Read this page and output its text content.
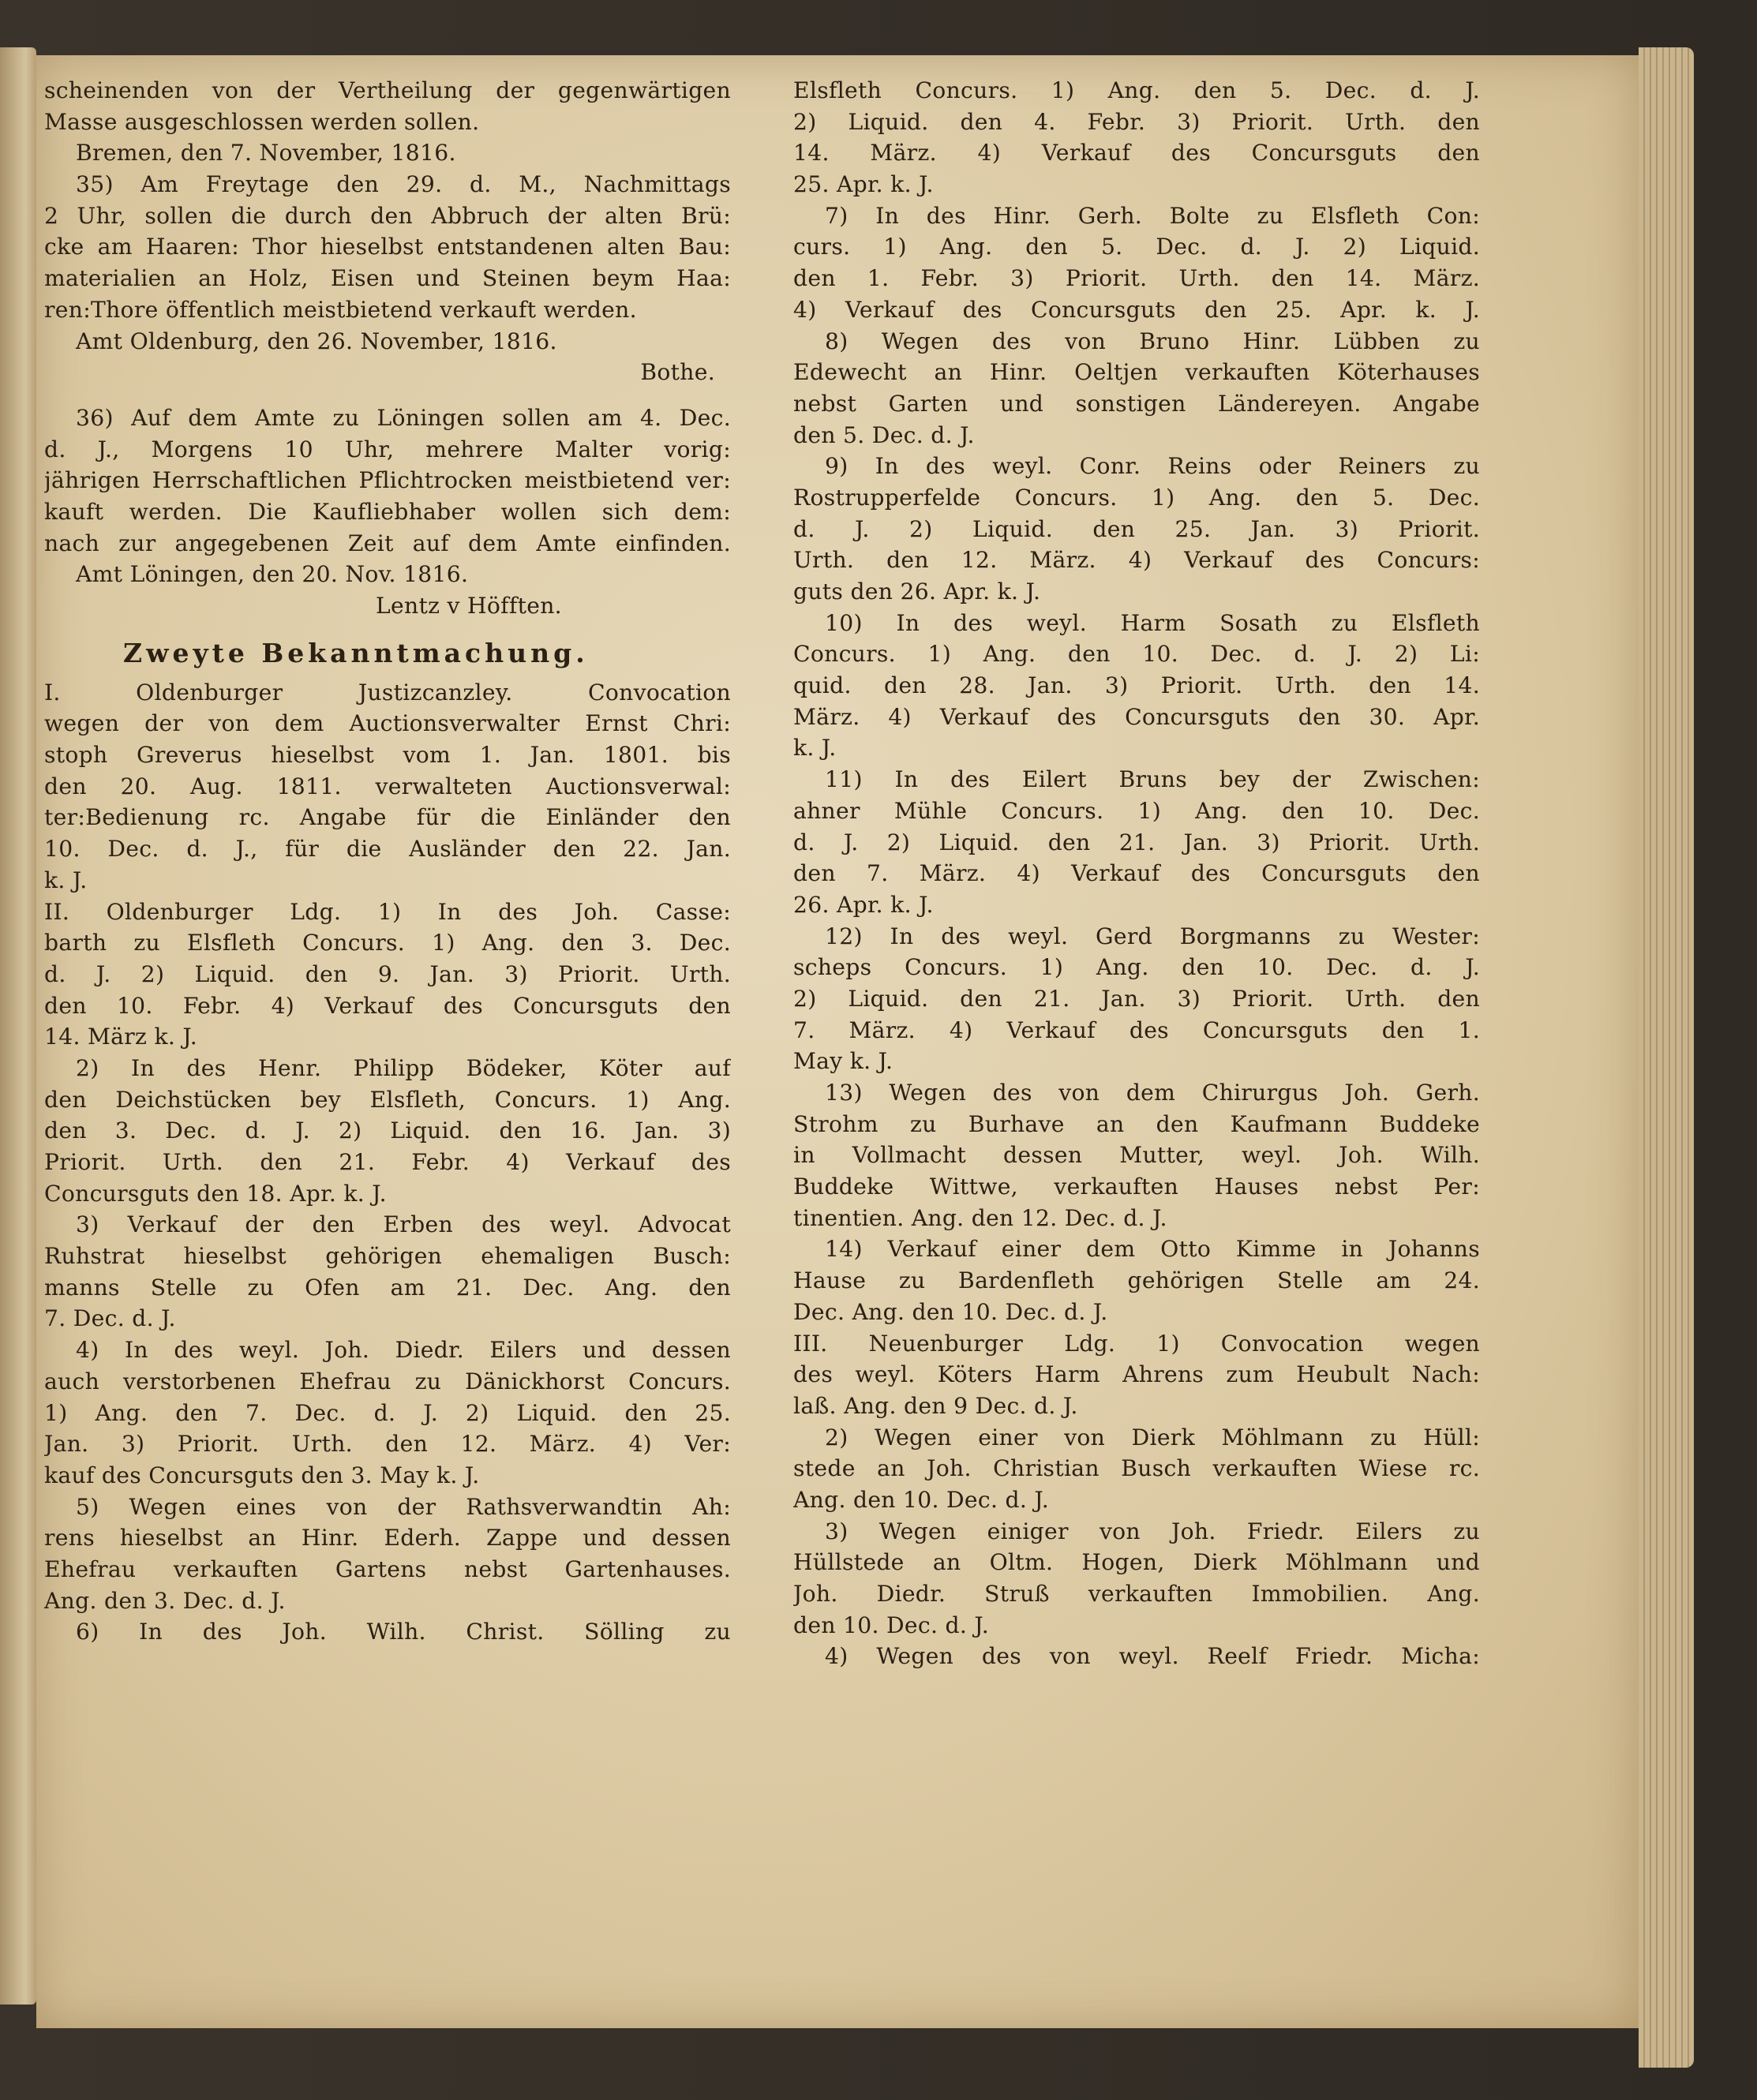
scheinenden von der Vertheilung der gegenwärtigen
Masse ausgeschlossen werden sollen.
Bremen, den 7. November, 1816.
35) Am Freytage den 29. d. M., Nachmittags
2 Uhr, sollen die durch den Abbruch der alten Brü:
cke am Haaren: Thor hieselbst entstandenen alten Bau:
materialien an Holz, Eisen und Steinen beym Haa:
ren:Thore öffentlich meistbietend verkauft werden.
Amt Oldenburg, den 26. November, 1816.
Bothe.
36) Auf dem Amte zu Löningen sollen am 4. Dec.
d. J., Morgens 10 Uhr, mehrere Malter vorig:
jährigen Herrschaftlichen Pflichtrocken meistbietend ver:
kauft werden. Die Kaufliebhaber wollen sich dem:
nach zur angegebenen Zeit auf dem Amte einfinden.
Amt Löningen, den 20. Nov. 1816.
Lentz v Höfften.
Zweyte Bekanntmachung.
I. Oldenburger Justizcanzley. Convocation
wegen der von dem Auctionsverwalter Ernst Chri:
stoph Greverus hieselbst vom 1. Jan. 1801. bis
den 20. Aug. 1811. verwalteten Auctionsverwal:
ter:Bedienung rc. Angabe für die Einländer den
10. Dec. d. J., für die Ausländer den 22. Jan.
k. J.
II. Oldenburger Ldg. 1) In des Joh. Casse:
barth zu Elsfleth Concurs. 1) Ang. den 3. Dec.
d. J. 2) Liquid. den 9. Jan. 3) Priorit. Urth.
den 10. Febr. 4) Verkauf des Concursguts den
14. März k. J.
2) In des Henr. Philipp Bödeker, Köter auf
den Deichstücken bey Elsfleth, Concurs. 1) Ang.
den 3. Dec. d. J. 2) Liquid. den 16. Jan. 3)
Priorit. Urth. den 21. Febr. 4) Verkauf des
Concursguts den 18. Apr. k. J.
3) Verkauf der den Erben des weyl. Advocat
Ruhstrat hieselbst gehörigen ehemaligen Busch:
manns Stelle zu Ofen am 21. Dec. Ang. den
7. Dec. d. J.
4) In des weyl. Joh. Diedr. Eilers und dessen
auch verstorbenen Ehefrau zu Dänickhorst Concurs.
1) Ang. den 7. Dec. d. J. 2) Liquid. den 25.
Jan. 3) Priorit. Urth. den 12. März. 4) Ver:
kauf des Concursguts den 3. May k. J.
5) Wegen eines von der Rathsverwandtin Ah:
rens hieselbst an Hinr. Ederh. Zappe und dessen
Ehefrau verkauften Gartens nebst Gartenhauses.
Ang. den 3. Dec. d. J.
6) In des Joh. Wilh. Christ. Sölling zu
Elsfleth Concurs. 1) Ang. den 5. Dec. d. J.
2) Liquid. den 4. Febr. 3) Priorit. Urth. den
14. März. 4) Verkauf des Concursguts den
25. Apr. k. J.
7) In des Hinr. Gerh. Bolte zu Elsfleth Con:
curs. 1) Ang. den 5. Dec. d. J. 2) Liquid.
den 1. Febr. 3) Priorit. Urth. den 14. März.
4) Verkauf des Concursguts den 25. Apr. k. J.
8) Wegen des von Bruno Hinr. Lübben zu
Edewecht an Hinr. Oeltjen verkauften Köterhauses
nebst Garten und sonstigen Ländereyen. Angabe
den 5. Dec. d. J.
9) In des weyl. Conr. Reins oder Reiners zu
Rostrupperfelde Concurs. 1) Ang. den 5. Dec.
d. J. 2) Liquid. den 25. Jan. 3) Priorit.
Urth. den 12. März. 4) Verkauf des Concurs:
guts den 26. Apr. k. J.
10) In des weyl. Harm Sosath zu Elsfleth
Concurs. 1) Ang. den 10. Dec. d. J. 2) Li:
quid. den 28. Jan. 3) Priorit. Urth. den 14.
März. 4) Verkauf des Concursguts den 30. Apr.
k. J.
11) In des Eilert Bruns bey der Zwischen:
ahner Mühle Concurs. 1) Ang. den 10. Dec.
d. J. 2) Liquid. den 21. Jan. 3) Priorit. Urth.
den 7. März. 4) Verkauf des Concursguts den
26. Apr. k. J.
12) In des weyl. Gerd Borgmanns zu Wester:
scheps Concurs. 1) Ang. den 10. Dec. d. J.
2) Liquid. den 21. Jan. 3) Priorit. Urth. den
7. März. 4) Verkauf des Concursguts den 1.
May k. J.
13) Wegen des von dem Chirurgus Joh. Gerh.
Strohm zu Burhave an den Kaufmann Buddeke
in Vollmacht dessen Mutter, weyl. Joh. Wilh.
Buddeke Wittwe, verkauften Hauses nebst Per:
tinentien. Ang. den 12. Dec. d. J.
14) Verkauf einer dem Otto Kimme in Johanns
Hause zu Bardenfleth gehörigen Stelle am 24.
Dec. Ang. den 10. Dec. d. J.
III. Neuenburger Ldg. 1) Convocation wegen
des weyl. Köters Harm Ahrens zum Heubult Nach:
laß. Ang. den 9 Dec. d. J.
2) Wegen einer von Dierk Möhlmann zu Hüll:
stede an Joh. Christian Busch verkauften Wiese rc.
Ang. den 10. Dec. d. J.
3) Wegen einiger von Joh. Friedr. Eilers zu
Hüllstede an Oltm. Hogen, Dierk Möhlmann und
Joh. Diedr. Struß verkauften Immobilien. Ang.
den 10. Dec. d. J.
4) Wegen des von weyl. Reelf Friedr. Micha:
